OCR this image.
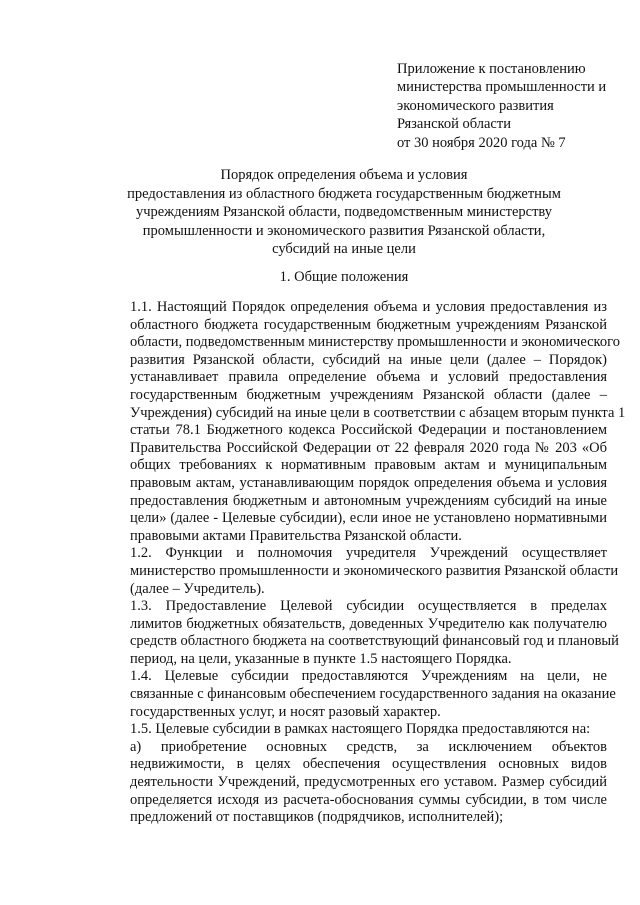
Приложение к постановлению
министерства промышленности и
экономического развития
Рязанской области
от 30 ноября 2020 года № 7
Порядок определения объема и условия
предоставления из областного бюджета государственным бюджетным
учреждениям Рязанской области, подведомственным министерству
промышленности и экономического развития Рязанской области,
субсидий на иные цели
1. Общие положения

1.1. Настоящий Порядок определения объема и условия предоставления из
областного бюджета государственным бюджетным учреждениям Рязанской
области, подведомственным министерству промышленности и экономического
развития Рязанской области, субсидий на иные цели (далее – Порядок)
устанавливает правила определение объема и условий предоставления
государственным бюджетным учреждениям Рязанской области (далее –
Учреждения) субсидий на иные цели в соответствии с абзацем вторым пункта 1
статьи 78.1 Бюджетного кодекса Российской Федерации и постановлением
Правительства Российской Федерации от 22 февраля 2020 года № 203 «Об
общих требованиях к нормативным правовым актам и муниципальным
правовым актам, устанавливающим порядок определения объема и условия
предоставления бюджетным и автономным учреждениям субсидий на иные
цели» (далее - Целевые субсидии), если иное не установлено нормативными
правовыми актами Правительства Рязанской области.

1.2. Функции и полномочия учредителя Учреждений осуществляет
министерство промышленности и экономического развития Рязанской области
(далее – Учредитель).

1.3. Предоставление Целевой субсидии осуществляется в пределах
лимитов бюджетных обязательств, доведенных Учредителю как получателю
средств областного бюджета на соответствующий финансовый год и плановый
период, на цели, указанные в пункте 1.5 настоящего Порядка.

1.4. Целевые субсидии предоставляются Учреждениям на цели, не
связанные с финансовым обеспечением государственного задания на оказание
государственных услуг, и носят разовый характер.

1.5. Целевые субсидии в рамках настоящего Порядка предоставляются на:

а) приобретение основных средств, за исключением объектов
недвижимости, в целях обеспечения осуществления основных видов
деятельности Учреждений, предусмотренных его уставом. Размер субсидий
определяется исходя из расчета-обоснования суммы субсидии, в том числе
предложений от поставщиков (подрядчиков, исполнителей);
